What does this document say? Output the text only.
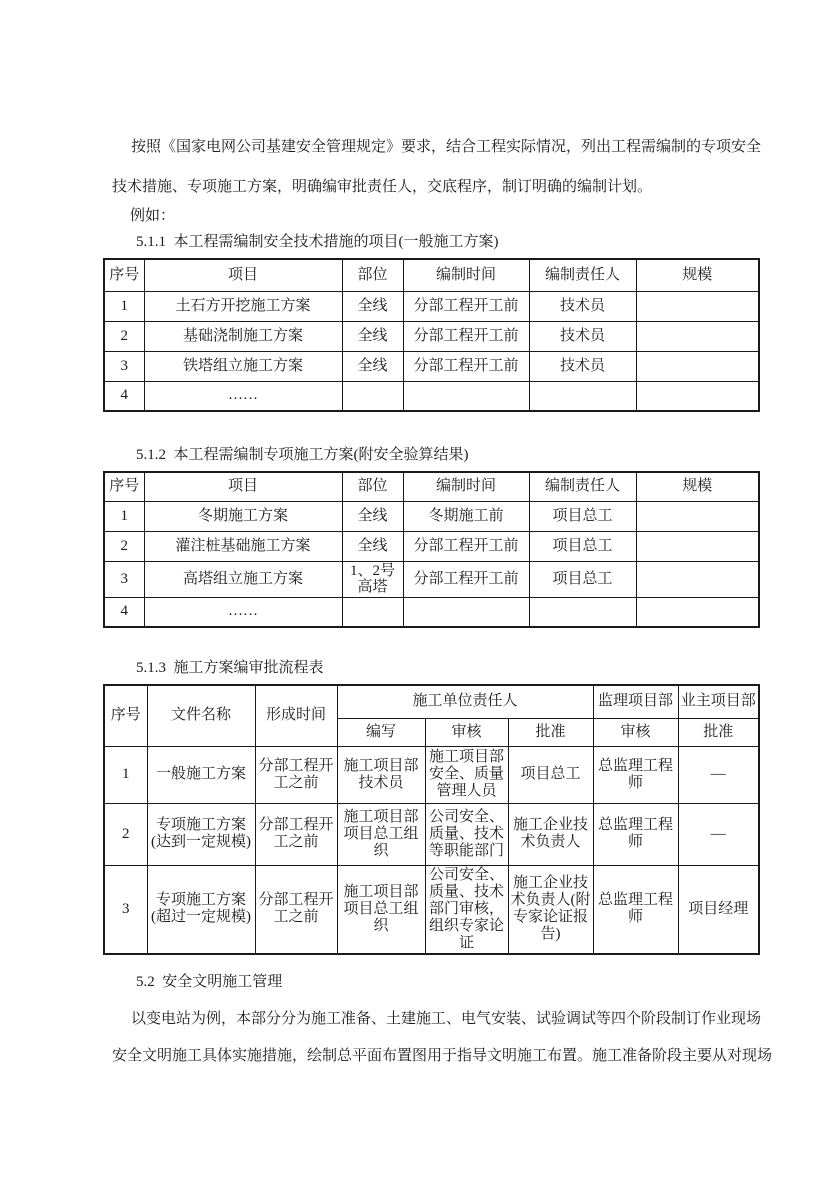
按照《国家电网公司基建安全管理规定》要求，结合工程实际情况，列出工程需编制的专项安全
技术措施、专项施工方案，明确编审批责任人，交底程序，制订明确的编制计划。
例如：
5.1.1  本工程需编制安全技术措施的项目(一般施工方案)
序号	项目	部位	编制时间	编制责任人	规模
1	土石方开挖施工方案	全线	分部工程开工前	技术员	
2	基础浇制施工方案	全线	分部工程开工前	技术员	
3	铁塔组立施工方案	全线	分部工程开工前	技术员	
4	……				
5.1.2  本工程需编制专项施工方案(附安全验算结果)
序号	项目	部位	编制时间	编制责任人	规模
1	冬期施工方案	全线	冬期施工前	项目总工	
2	灌注桩基础施工方案	全线	分部工程开工前	项目总工	
3	高塔组立施工方案	1、2号高塔	分部工程开工前	项目总工	
4	……				
5.1.3  施工方案编审批流程表
序号	文件名称	形成时间	施工单位责任人			监理项目部	业主项目部
			编写	审核	批准	审核	批准
1	一般施工方案	分部工程开工之前	施工项目部技术员	施工项目部安全、质量管理人员	项目总工	总监理工程师	—
2	专项施工方案(达到一定规模)	分部工程开工之前	施工项目部项目总工组织	公司安全、质量、技术等职能部门	施工企业技术负责人	总监理工程师	—
3	专项施工方案(超过一定规模)	分部工程开工之前	施工项目部项目总工组织	公司安全、质量、技术部门审核，组织专家论证	施工企业技术负责人(附专家论证报告)	总监理工程师	项目经理
5.2  安全文明施工管理
以变电站为例，本部分分为施工准备、土建施工、电气安装、试验调试等四个阶段制订作业现场
安全文明施工具体实施措施，绘制总平面布置图用于指导文明施工布置。施工准备阶段主要从对现场
